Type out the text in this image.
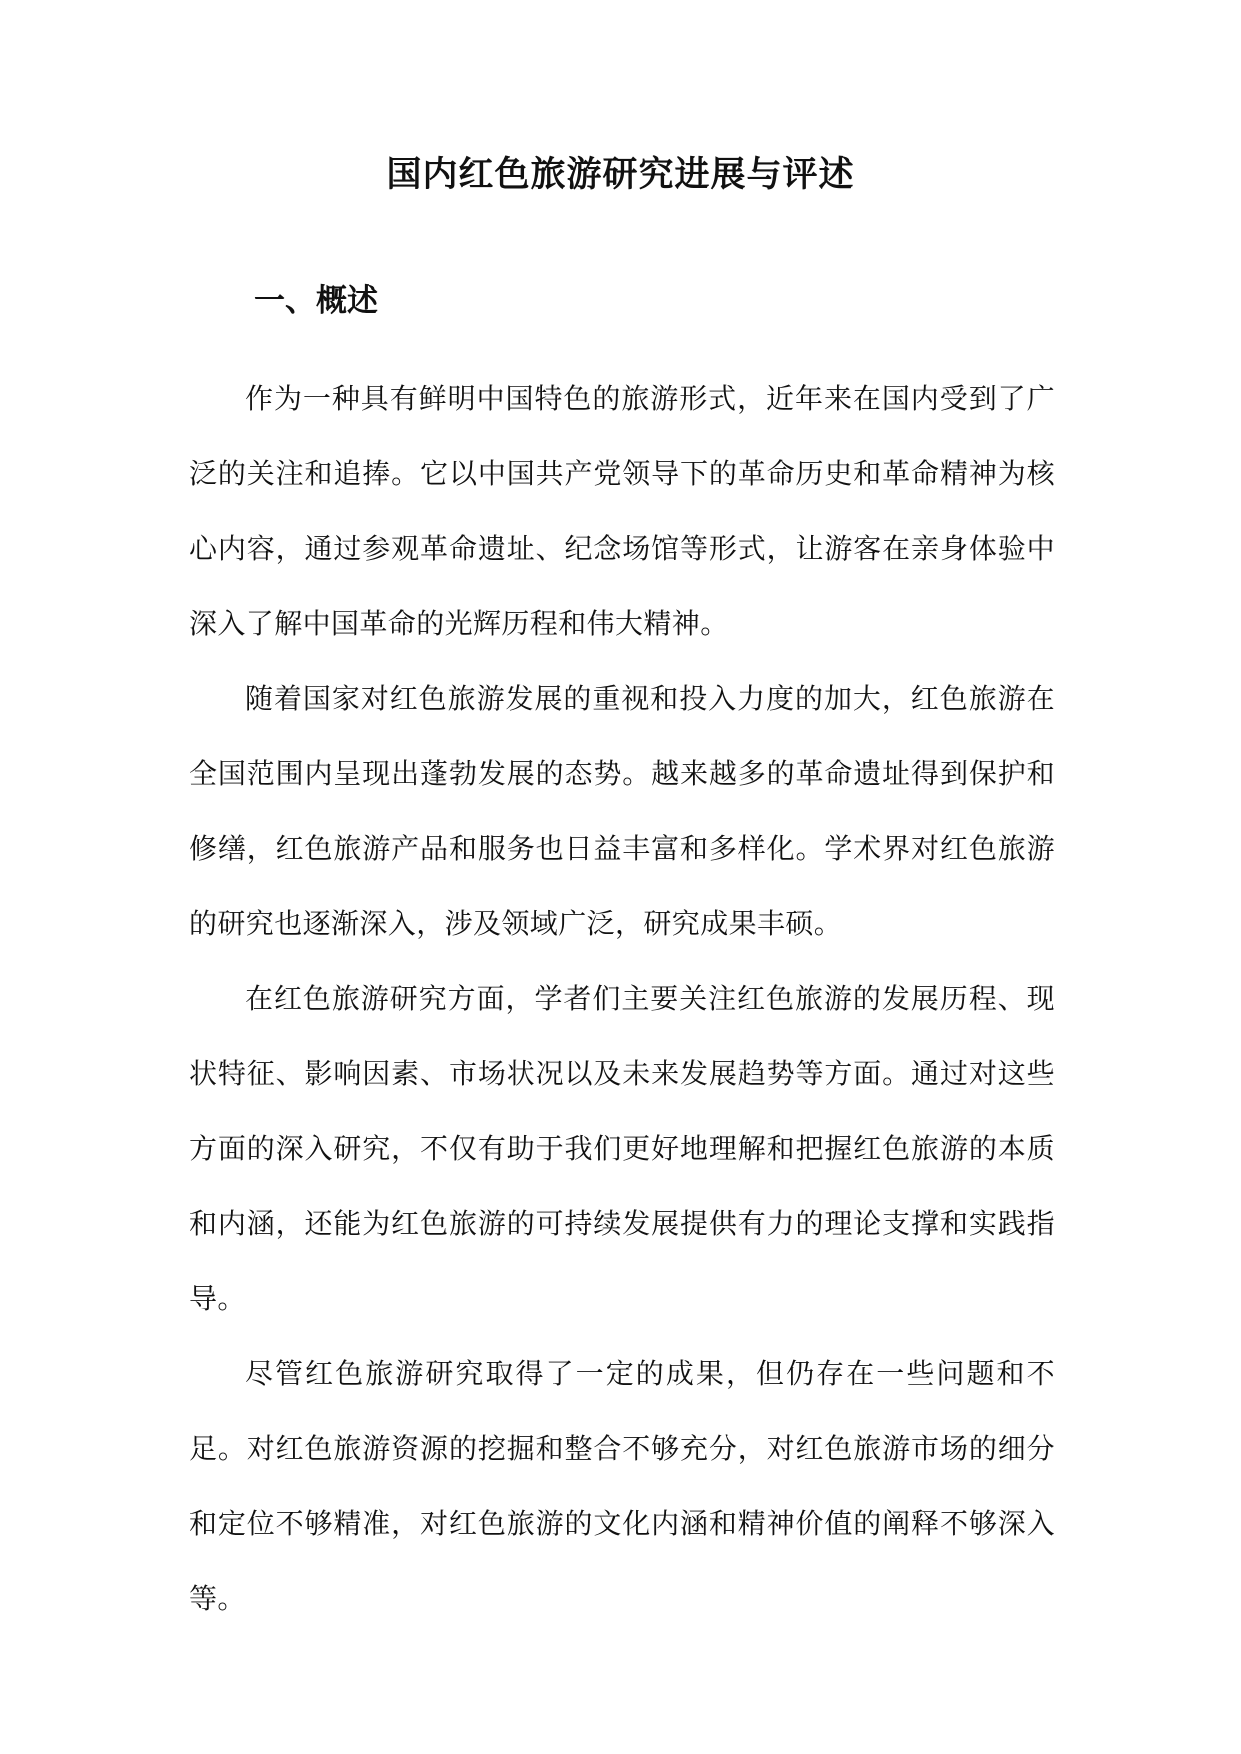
国内红色旅游研究进展与评述
一、概述

作为一种具有鲜明中国特色的旅游形式，近年来在国内受到了广泛的关注和追捧。它以中国共产党领导下的革命历史和革命精神为核心内容，通过参观革命遗址、纪念场馆等形式，让游客在亲身体验中深入了解中国革命的光辉历程和伟大精神。

随着国家对红色旅游发展的重视和投入力度的加大，红色旅游在全国范围内呈现出蓬勃发展的态势。越来越多的革命遗址得到保护和修缮，红色旅游产品和服务也日益丰富和多样化。学术界对红色旅游的研究也逐渐深入，涉及领域广泛，研究成果丰硕。

在红色旅游研究方面，学者们主要关注红色旅游的发展历程、现状特征、影响因素、市场状况以及未来发展趋势等方面。通过对这些方面的深入研究，不仅有助于我们更好地理解和把握红色旅游的本质和内涵，还能为红色旅游的可持续发展提供有力的理论支撑和实践指导。

尽管红色旅游研究取得了一定的成果，但仍存在一些问题和不足。对红色旅游资源的挖掘和整合不够充分，对红色旅游市场的细分和定位不够精准，对红色旅游的文化内涵和精神价值的阐释不够深入等。
